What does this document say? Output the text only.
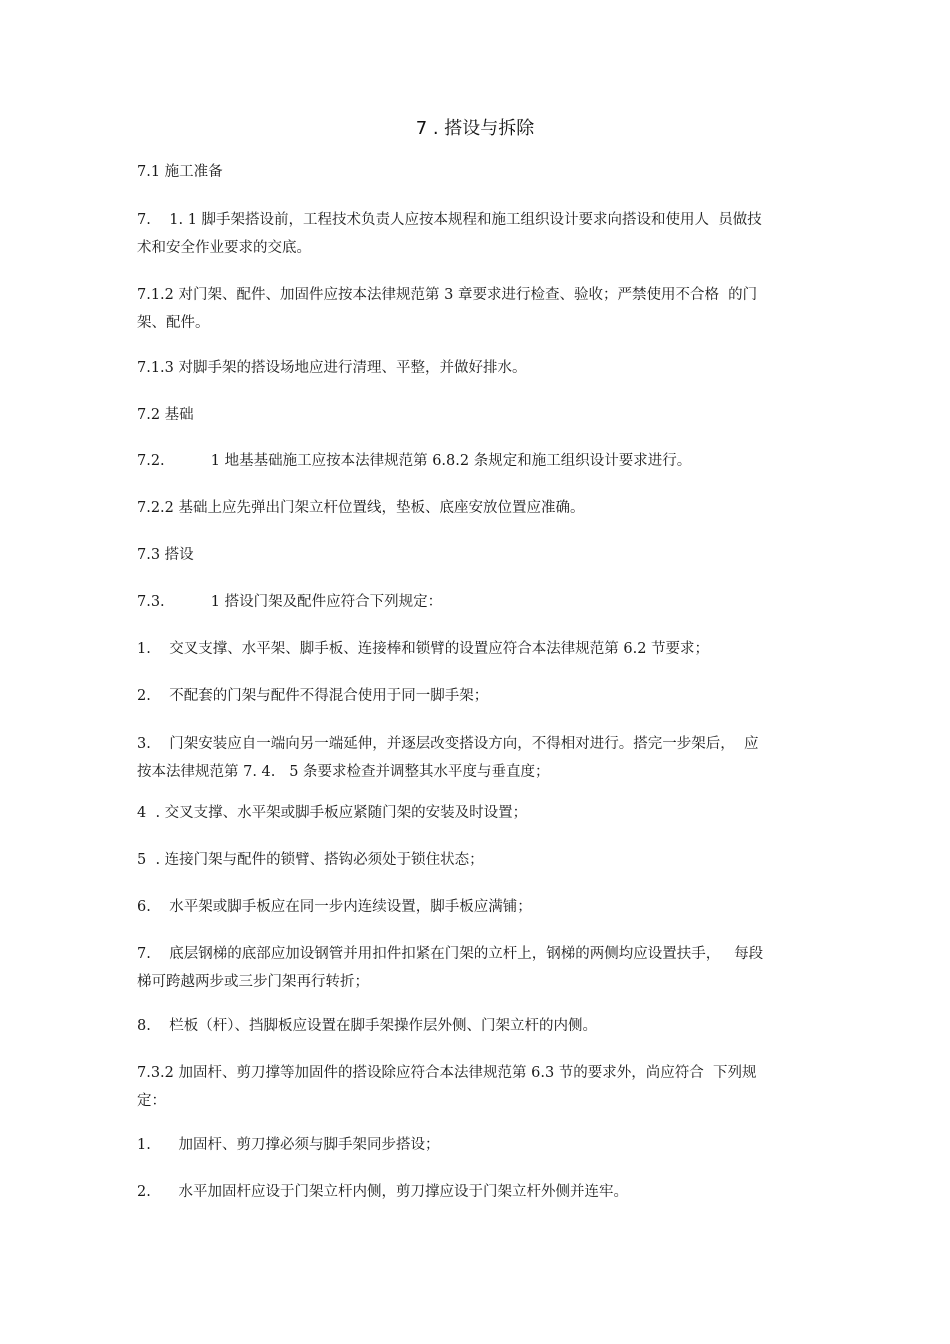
7 . 搭设与拆除
7.1 施工准备
7.    1. 1 脚手架搭设前，工程技术负责人应按本规程和施工组织设计要求向搭设和使用人  员做技
术和安全作业要求的交底。
7.1.2 对门架、配件、加固件应按本法律规范第 3 章要求进行检查、验收；严禁使用不合格  的门
架、配件。
7.1.3 对脚手架的搭设场地应进行清理、平整，并做好排水。
7.2 基础
7.2.          1 地基基础施工应按本法律规范第 6.8.2 条规定和施工组织设计要求进行。
7.2.2 基础上应先弹出门架立杆位置线，垫板、底座安放位置应准确。
7.3 搭设
7.3.          1 搭设门架及配件应符合下列规定：
1.    交叉支撑、水平架、脚手板、连接棒和锁臂的设置应符合本法律规范第 6.2 节要求；
2.    不配套的门架与配件不得混合使用于同一脚手架；
3.    门架安装应自一端向另一端延伸，并逐层改变搭设方向，不得相对进行。搭完一步架后，  应
按本法律规范第 7. 4.   5 条要求检查并调整其水平度与垂直度；
4  . 交叉支撑、水平架或脚手板应紧随门架的安装及时设置；
5  . 连接门架与配件的锁臂、搭钩必须处于锁住状态；
6.    水平架或脚手板应在同一步内连续设置，脚手板应满铺；
7.    底层钢梯的底部应加设钢管并用扣件扣紧在门架的立杆上，钢梯的两侧均应设置扶手，   每段
梯可跨越两步或三步门架再行转折；
8.    栏板（杆）、挡脚板应设置在脚手架操作层外侧、门架立杆的内侧。
7.3.2 加固杆、剪刀撑等加固件的搭设除应符合本法律规范第 6.3 节的要求外，尚应符合  下列规
定：
1.      加固杆、剪刀撑必须与脚手架同步搭设；
2.      水平加固杆应设于门架立杆内侧，剪刀撑应设于门架立杆外侧并连牢。
